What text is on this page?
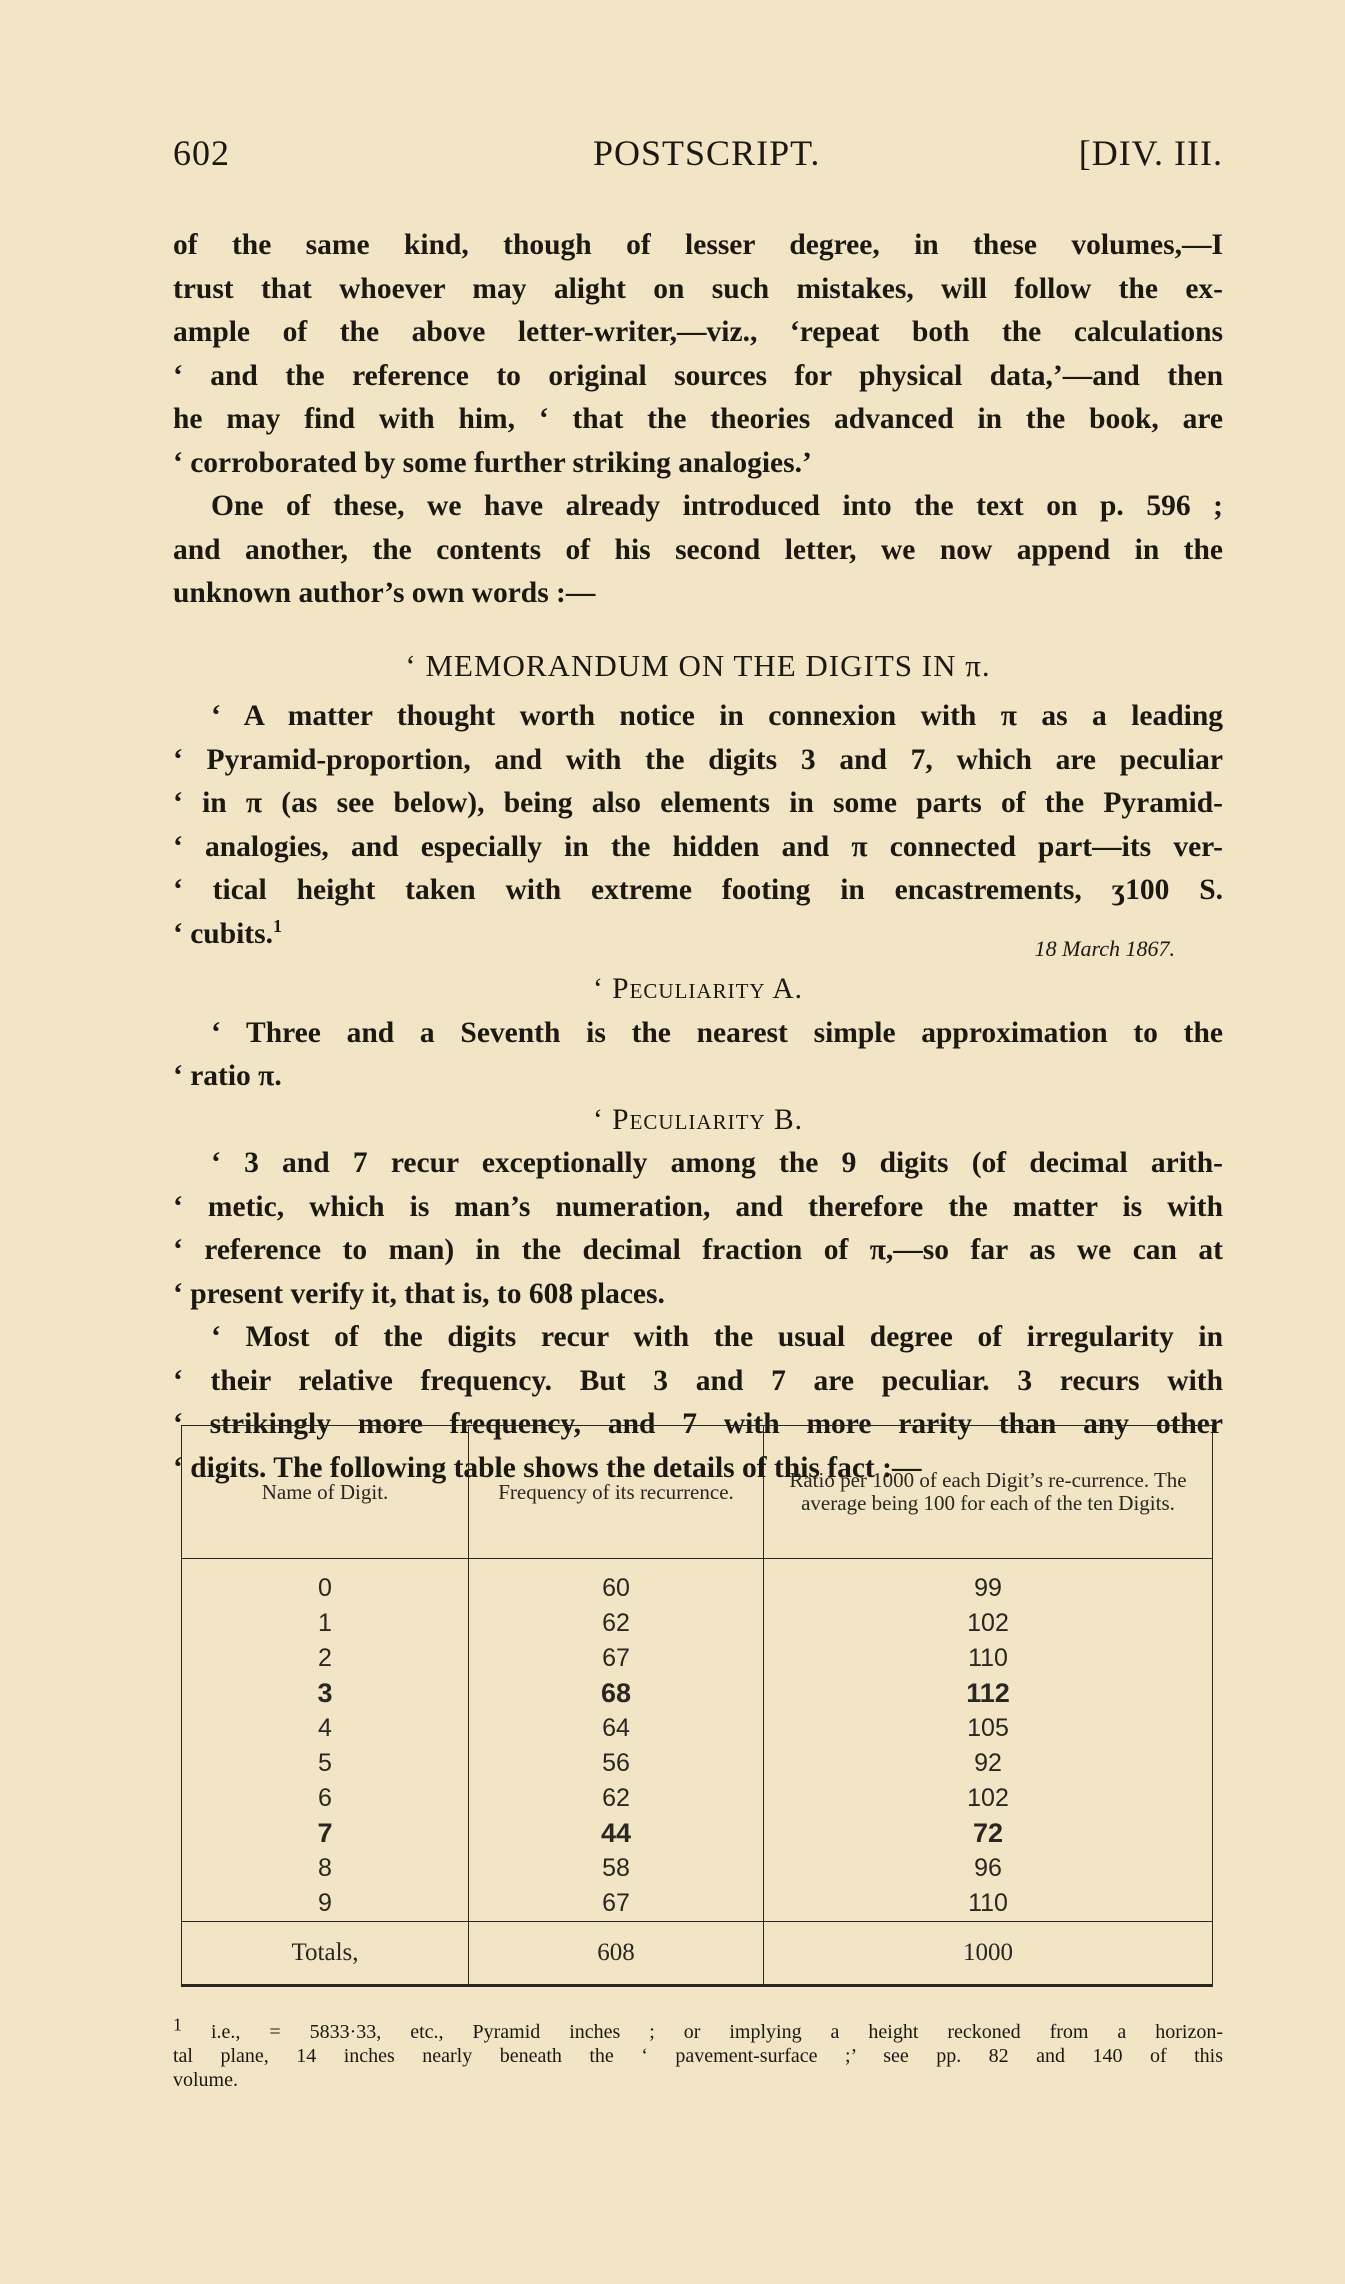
602	POSTSCRIPT.	[DIV. III.
of the same kind, though of lesser degree, in these volumes,—I
trust that whoever may alight on such mistakes, will follow the ex-
ample of the above letter-writer,—viz., ‘repeat both the calculations
‘ and the reference to original sources for physical data,’—and then
he may find with him, ‘ that the theories advanced in the book, are
‘ corroborated by some further striking analogies.’
One of these, we have already introduced into the text on p. 596 ;
and another, the contents of his second letter, we now append in the
unknown author’s own words :—
‘ MEMORANDUM ON THE DIGITS IN π.
‘ A matter thought worth notice in connexion with π as a leading
‘ Pyramid-proportion, and with the digits 3 and 7, which are peculiar
‘ in π (as see below), being also elements in some parts of the Pyramid-
‘ analogies, and especially in the hidden and π connected part—its ver-
‘ tical height taken with extreme footing in encastrements, ʒ100 S.
‘ cubits.$^1$
18 March 1867.
‘ Peculiarity A.
‘ Three and a Seventh is the nearest simple approximation to the
‘ ratio π.
‘ Peculiarity B.
‘ 3 and 7 recur exceptionally among the 9 digits (of decimal arith-
‘ metic, which is man’s numeration, and therefore the matter is with
‘ reference to man) in the decimal fraction of π,—so far as we can at
‘ present verify it, that is, to 608 places.
‘ Most of the digits recur with the usual degree of irregularity in
‘ their relative frequency. But 3 and 7 are peculiar. 3 recurs with
‘ strikingly more frequency, and 7 with more rarity than any other
‘ digits. The following table shows the details of this fact :—
Name of Digit.	Frequency of its recurrence.	Ratio per 1000 of each Digit’s re-currence. The average being 100 for each of the ten Digits.
0	60	99
1	62	102
2	67	110
3	68	112
4	64	105
5	56	92
6	62	102
7	44	72
8	58	96
9	67	110
Totals,	608	1000
$^1$ i.e., = 5833·33, etc., Pyramid inches ; or implying a height reckoned from a horizon-
tal plane, 14 inches nearly beneath the ‘ pavement-surface ;’ see pp. 82 and 140 of this
volume.
